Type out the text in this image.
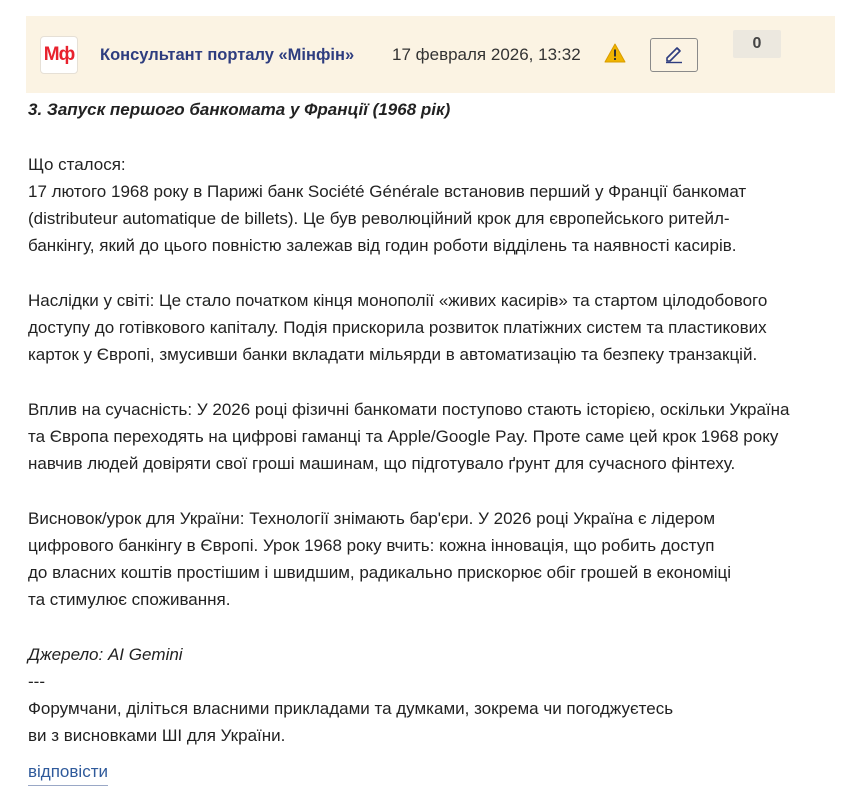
Мф Консультант порталу «Мінфін» 17 февраля 2026, 13:32
0

3. Запуск першого банкомата у Франції (1968 рік)

Що сталося:

17 лютого 1968 року в Парижі банк Société Générale встановив перший у Франції банкомат

(distributeur automatique de billets). Це був революційний крок для європейського ритейл-

банкінгу, який до цього повністю залежав від годин роботи відділень та наявності касирів.

Наслідки у світі: Це стало початком кінця монополії «живих касирів» та стартом цілодобового

доступу до готівкового капіталу. Подія прискорила розвиток платіжних систем та пластикових

карток у Європі, змусивши банки вкладати мільярди в автоматизацію та безпеку транзакцій.

Вплив на сучасність: У 2026 році фізичні банкомати поступово стають історією, оскільки Україна

та Європа переходять на цифрові гаманці та Apple/Google Pay. Проте саме цей крок 1968 року

навчив людей довіряти свої гроші машинам, що підготувало ґрунт для сучасного фінтеху.

Висновок/урок для України: Технології знімають бар'єри. У 2026 році Україна є лідером

цифрового банкінгу в Європі. Урок 1968 року вчить: кожна інновація, що робить доступ

до власних коштів простішим і швидшим, радикально прискорює обіг грошей в економіці

та стимулює споживання.

Джерело: AI Gemini

---

Форумчани, діліться власними прикладами та думками, зокрема чи погоджуєтесь

ви з висновками ШІ для України.

відповісти
